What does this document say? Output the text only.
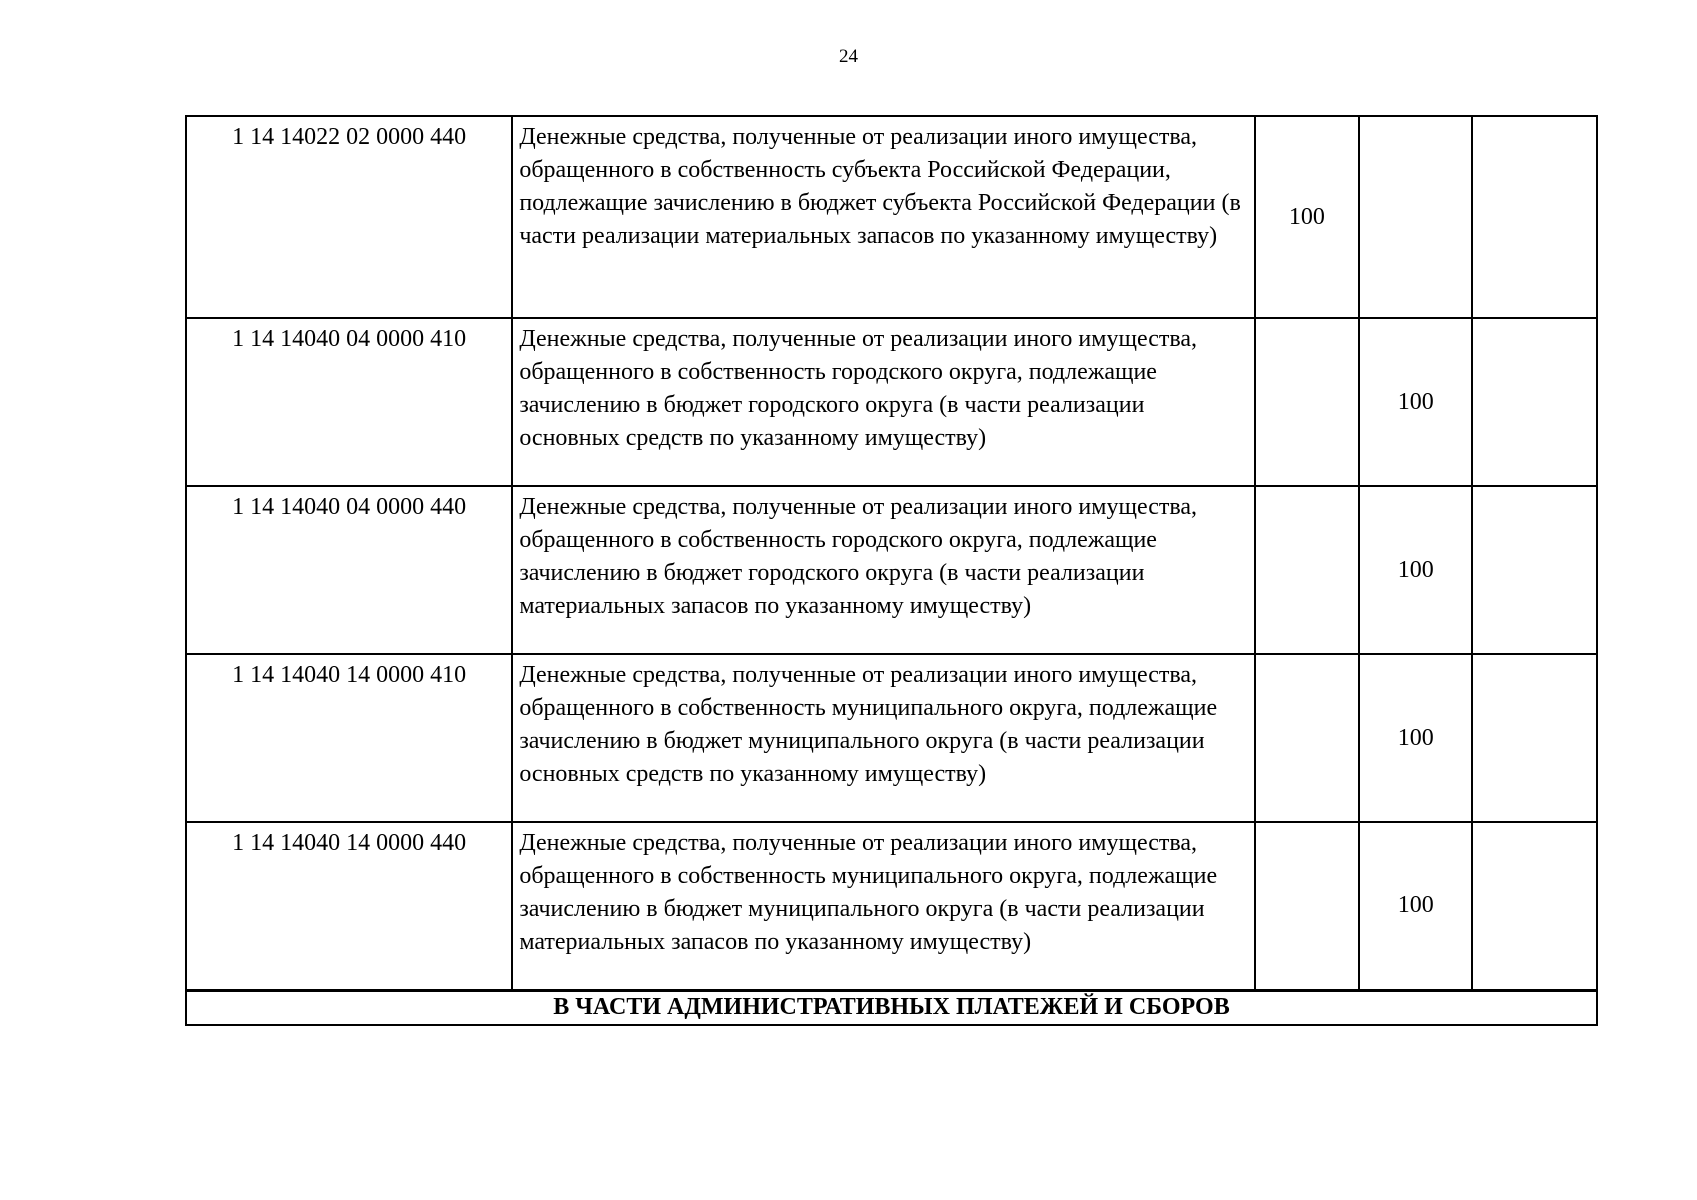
24
1 14 14022 02 0000 440	Денежные средства, полученные от реализации иного имущества, обращенного в собственность субъекта Российской Федерации, подлежащие зачислению в бюджет субъекта Российской Федерации (в части реализации материальных запасов по указанному имуществу)	100		
1 14 14040 04 0000 410	Денежные средства, полученные от реализации иного имущества, обращенного в собственность городского округа, подлежащие зачислению в бюджет городского округа (в части реализации основных средств по указанному имуществу)		100	
1 14 14040 04 0000 440	Денежные средства, полученные от реализации иного имущества, обращенного в собственность городского округа, подлежащие зачислению в бюджет городского округа (в части реализации материальных запасов по указанному имуществу)		100	
1 14 14040 14 0000 410	Денежные средства, полученные от реализации иного имущества, обращенного в собственность муниципального округа, подлежащие зачислению в бюджет муниципального округа (в части реализации основных средств по указанному имуществу)		100	
1 14 14040 14 0000 440	Денежные средства, полученные от реализации иного имущества, обращенного в собственность муниципального округа, подлежащие зачислению в бюджет муниципального округа (в части реализации материальных запасов по указанному имуществу)		100	
В ЧАСТИ АДМИНИСТРАТИВНЫХ ПЛАТЕЖЕЙ И СБОРОВ				
